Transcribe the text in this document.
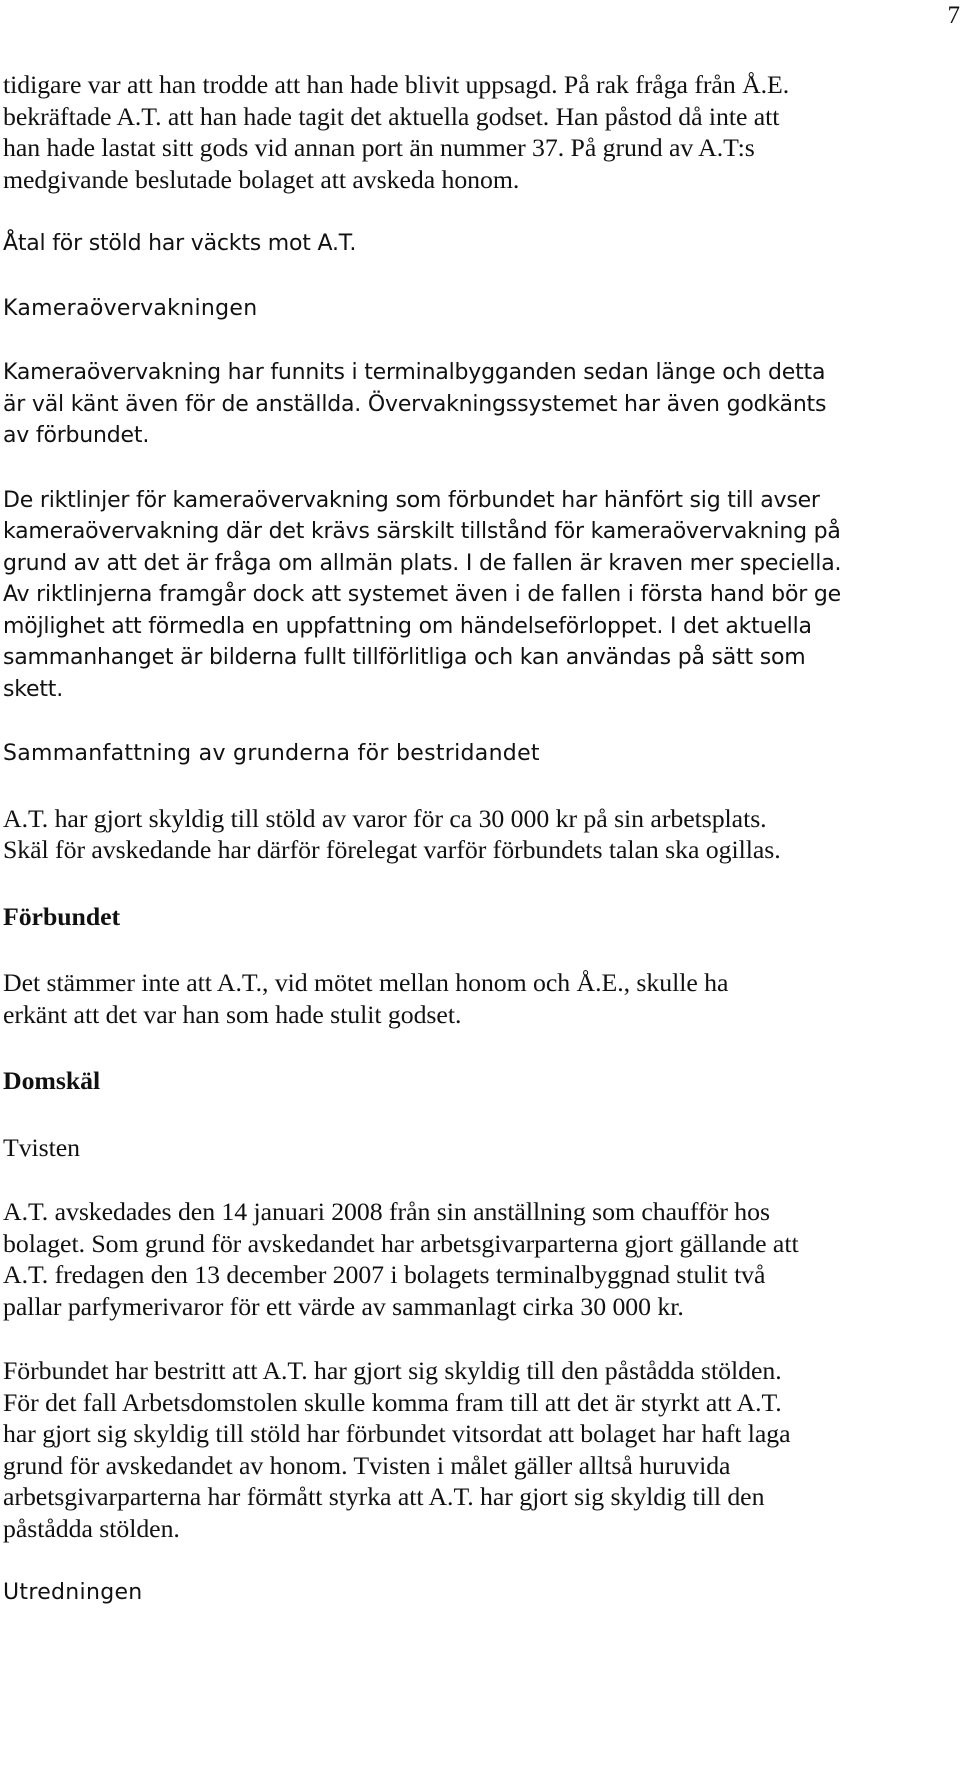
7

tidigare var att han trodde att han hade blivit uppsagd. På rak fråga från Å.E.
bekräftade A.T. att han hade tagit det aktuella godset. Han påstod då inte att
han hade lastat sitt gods vid annan port än nummer 37. På grund av A.T:s
medgivande beslutade bolaget att avskeda honom.

Åtal för stöld har väckts mot A.T.

Kameraövervakningen

Kameraövervakning har funnits i terminalbygganden sedan länge och detta
är väl känt även för de anställda. Övervakningssystemet har även godkänts
av förbundet.

De riktlinjer för kameraövervakning som förbundet har hänfört sig till avser
kameraövervakning där det krävs särskilt tillstånd för kameraövervakning på
grund av att det är fråga om allmän plats. I de fallen är kraven mer speciella.
Av riktlinjerna framgår dock att systemet även i de fallen i första hand bör ge
möjlighet att förmedla en uppfattning om händelseförloppet. I det aktuella
sammanhanget är bilderna fullt tillförlitliga och kan användas på sätt som
skett.

Sammanfattning av grunderna för bestridandet

A.T. har gjort skyldig till stöld av varor för ca 30 000 kr på sin arbetsplats.
Skäl för avskedande har därför förelegat varför förbundets talan ska ogillas.

Förbundet

Det stämmer inte att A.T., vid mötet mellan honom och Å.E., skulle ha
erkänt att det var han som hade stulit godset.

Domskäl

Tvisten

A.T. avskedades den 14 januari 2008 från sin anställning som chaufför hos
bolaget. Som grund för avskedandet har arbetsgivarparterna gjort gällande att
A.T. fredagen den 13 december 2007 i bolagets terminalbyggnad stulit två
pallar parfymerivaror för ett värde av sammanlagt cirka 30 000 kr.

Förbundet har bestritt att A.T. har gjort sig skyldig till den påstådda stölden.
För det fall Arbetsdomstolen skulle komma fram till att det är styrkt att A.T.
har gjort sig skyldig till stöld har förbundet vitsordat att bolaget har haft laga
grund för avskedandet av honom. Tvisten i målet gäller alltså huruvida
arbetsgivarparterna har förmått styrka att A.T. har gjort sig skyldig till den
påstådda stölden.

Utredningen
